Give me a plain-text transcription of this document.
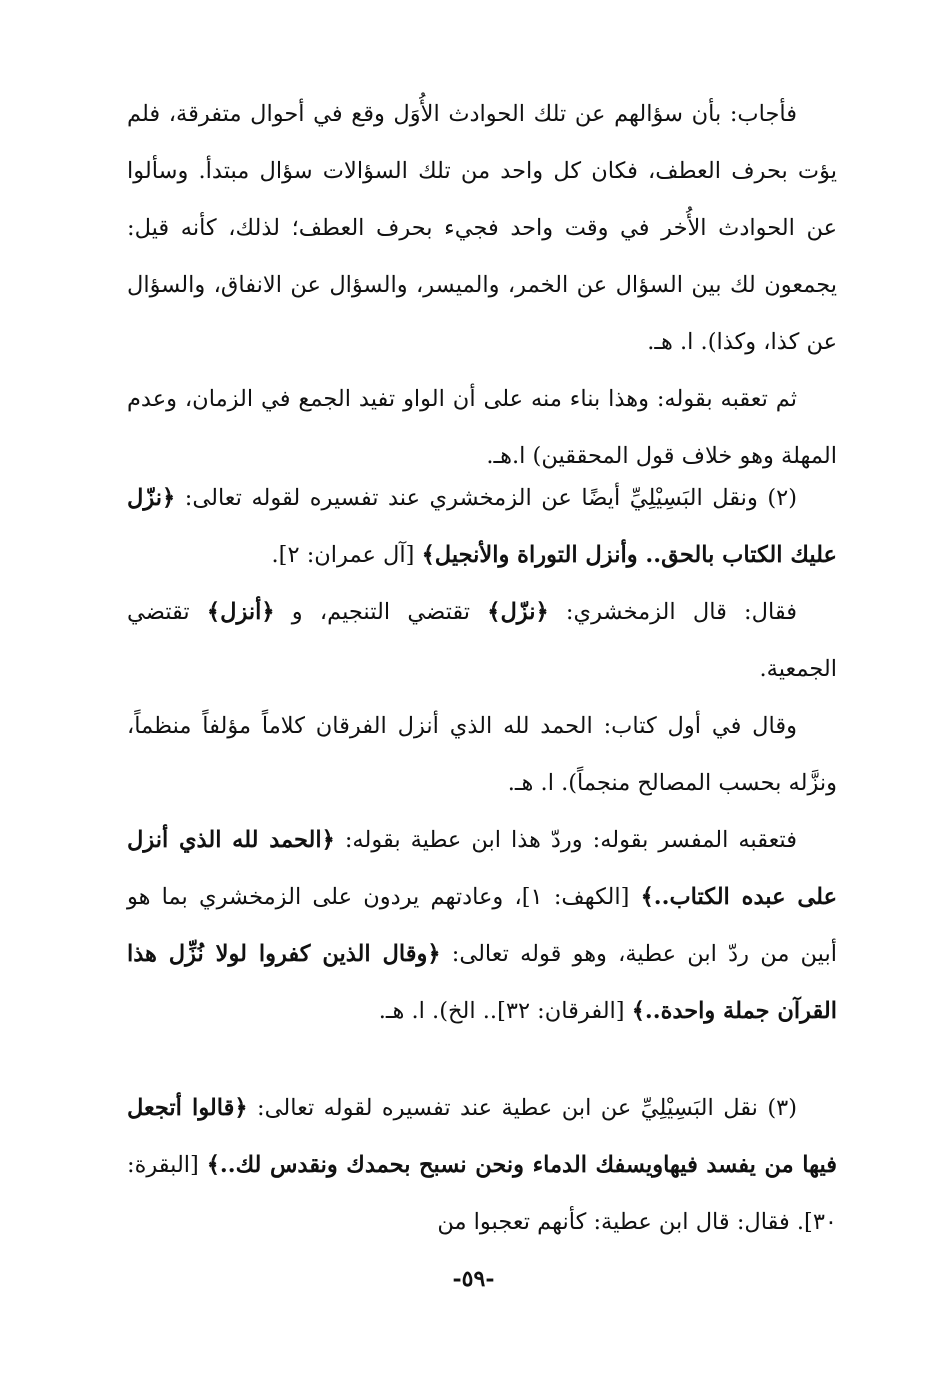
فأجاب: بأن سؤالهم عن تلك الحوادث الأُوَل وقع في أحوال متفرقة، فلم يؤت بحرف العطف، فكان كل واحد من تلك السؤالات سؤال مبتدأ. وسألوا عن الحوادث الأُخر في وقت واحد فجيء بحرف العطف؛ لذلك، كأنه قيل: يجمعون لك بين السؤال عن الخمر، والميسر، والسؤال عن الانفاق، والسؤال عن كذا، وكذا). ا. هـ.

ثم تعقبه بقوله: وهذا بناء منه على أن الواو تفيد الجمع في الزمان، وعدم المهلة وهو خلاف قول المحققين) ا.هـ.

(٢) ونقل البَسِيْلِيِّ أيضًا عن الزمخشري عند تفسيره لقوله تعالى: ﴿نزّل عليك الكتاب بالحق.. وأنزل التوراة والأنجيل﴾ [آل عمران: ٢].

فقال: قال الزمخشري: ﴿نزّل﴾ تقتضي التنجيم، و ﴿أنزل﴾ تقتضي الجمعية.

وقال في أول كتاب: الحمد لله الذي أنزل الفرقان كلاماً مؤلفاً منظماً، ونزَّله بحسب المصالح منجماً). ا. هـ.

فتعقبه المفسر بقوله: وردّ هذا ابن عطية بقوله: ﴿الحمد لله الذي أنزل على عبده الكتاب..﴾ [الكهف: ١]، وعادتهم يردون على الزمخشري بما هو أبين من ردّ ابن عطية، وهو قوله تعالى: ﴿وقال الذين كفروا لولا نُزِّل هذا القرآن جملة واحدة..﴾ [الفرقان: ٣٢].. الخ). ا. هـ.

(٣) نقل البَسِيْلِيِّ عن ابن عطية عند تفسيره لقوله تعالى: ﴿قالوا أتجعل فيها من يفسد فيهاويسفك الدماء ونحن نسبح بحمدك ونقدس لك..﴾ [البقرة: ٣٠]. فقال: قال ابن عطية: كأنهم تعجبوا من

-٥٩-
